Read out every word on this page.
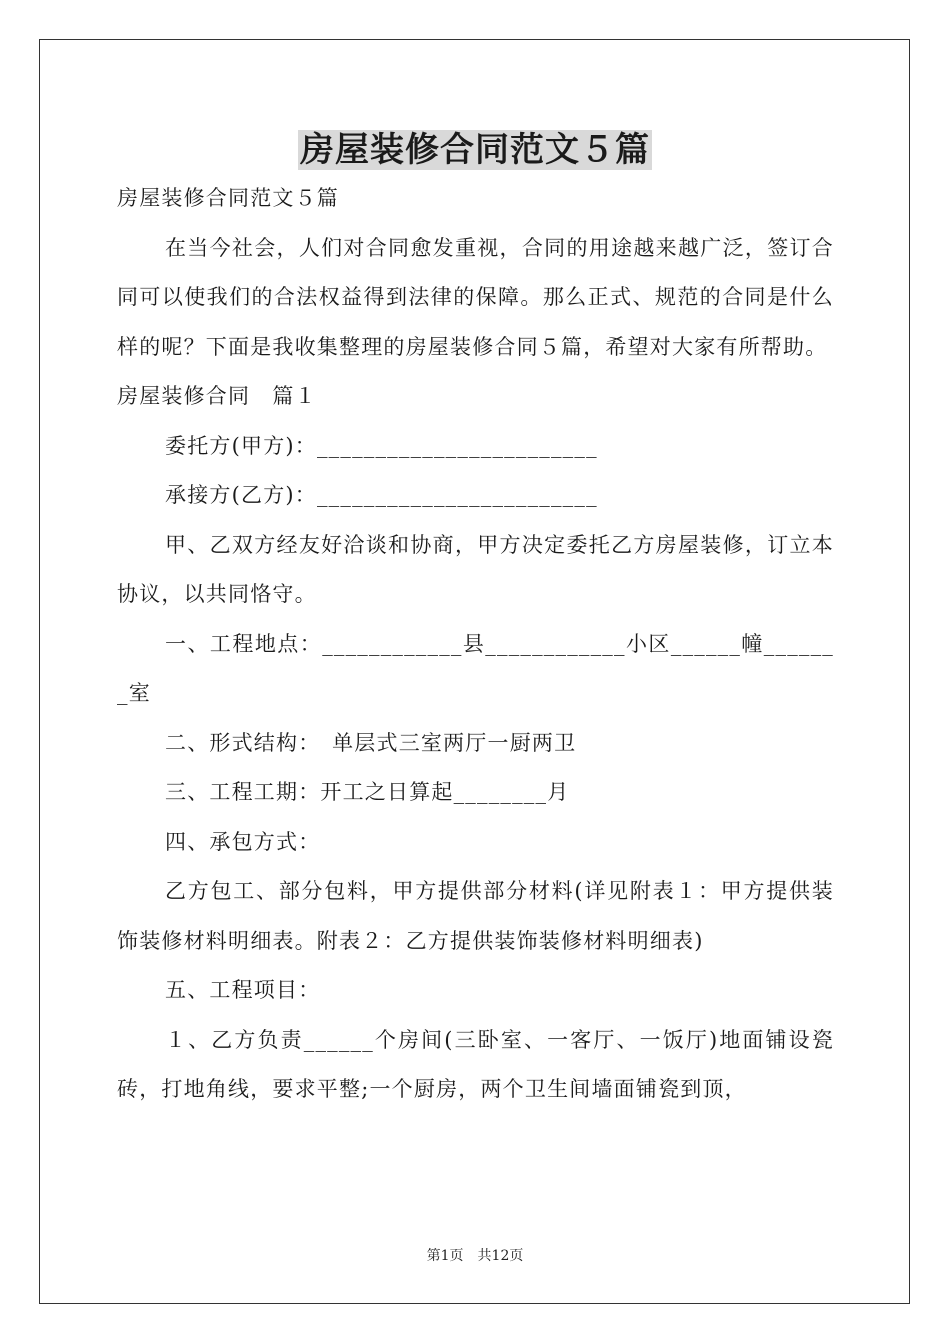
房屋装修合同范文５篇

房屋装修合同范文５篇

在当今社会，人们对合同愈发重视，合同的用途越来越广泛，签订合同可以使我们的合法权益得到法律的保障。那么正式、规范的合同是什么样的呢？下面是我收集整理的房屋装修合同５篇，希望对大家有所帮助。

房屋装修合同　篇１

委托方(甲方)：________________________

承接方(乙方)：________________________

甲、乙双方经友好洽谈和协商，甲方决定委托乙方房屋装修，订立本协议，以共同恪守。

一、工程地点：____________县____________小区______幢_______室

二、形式结构：　单层式三室两厅一厨两卫

三、工程工期：开工之日算起________月

四、承包方式：

乙方包工、部分包料，甲方提供部分材料(详见附表１：甲方提供装饰装修材料明细表。附表２：乙方提供装饰装修材料明细表)

五、工程项目：

１、乙方负责______个房间(三卧室、一客厅、一饭厅)地面铺设瓷砖，打地角线，要求平整;一个厨房，两个卫生间墙面铺瓷到顶，

第1页 共12页
